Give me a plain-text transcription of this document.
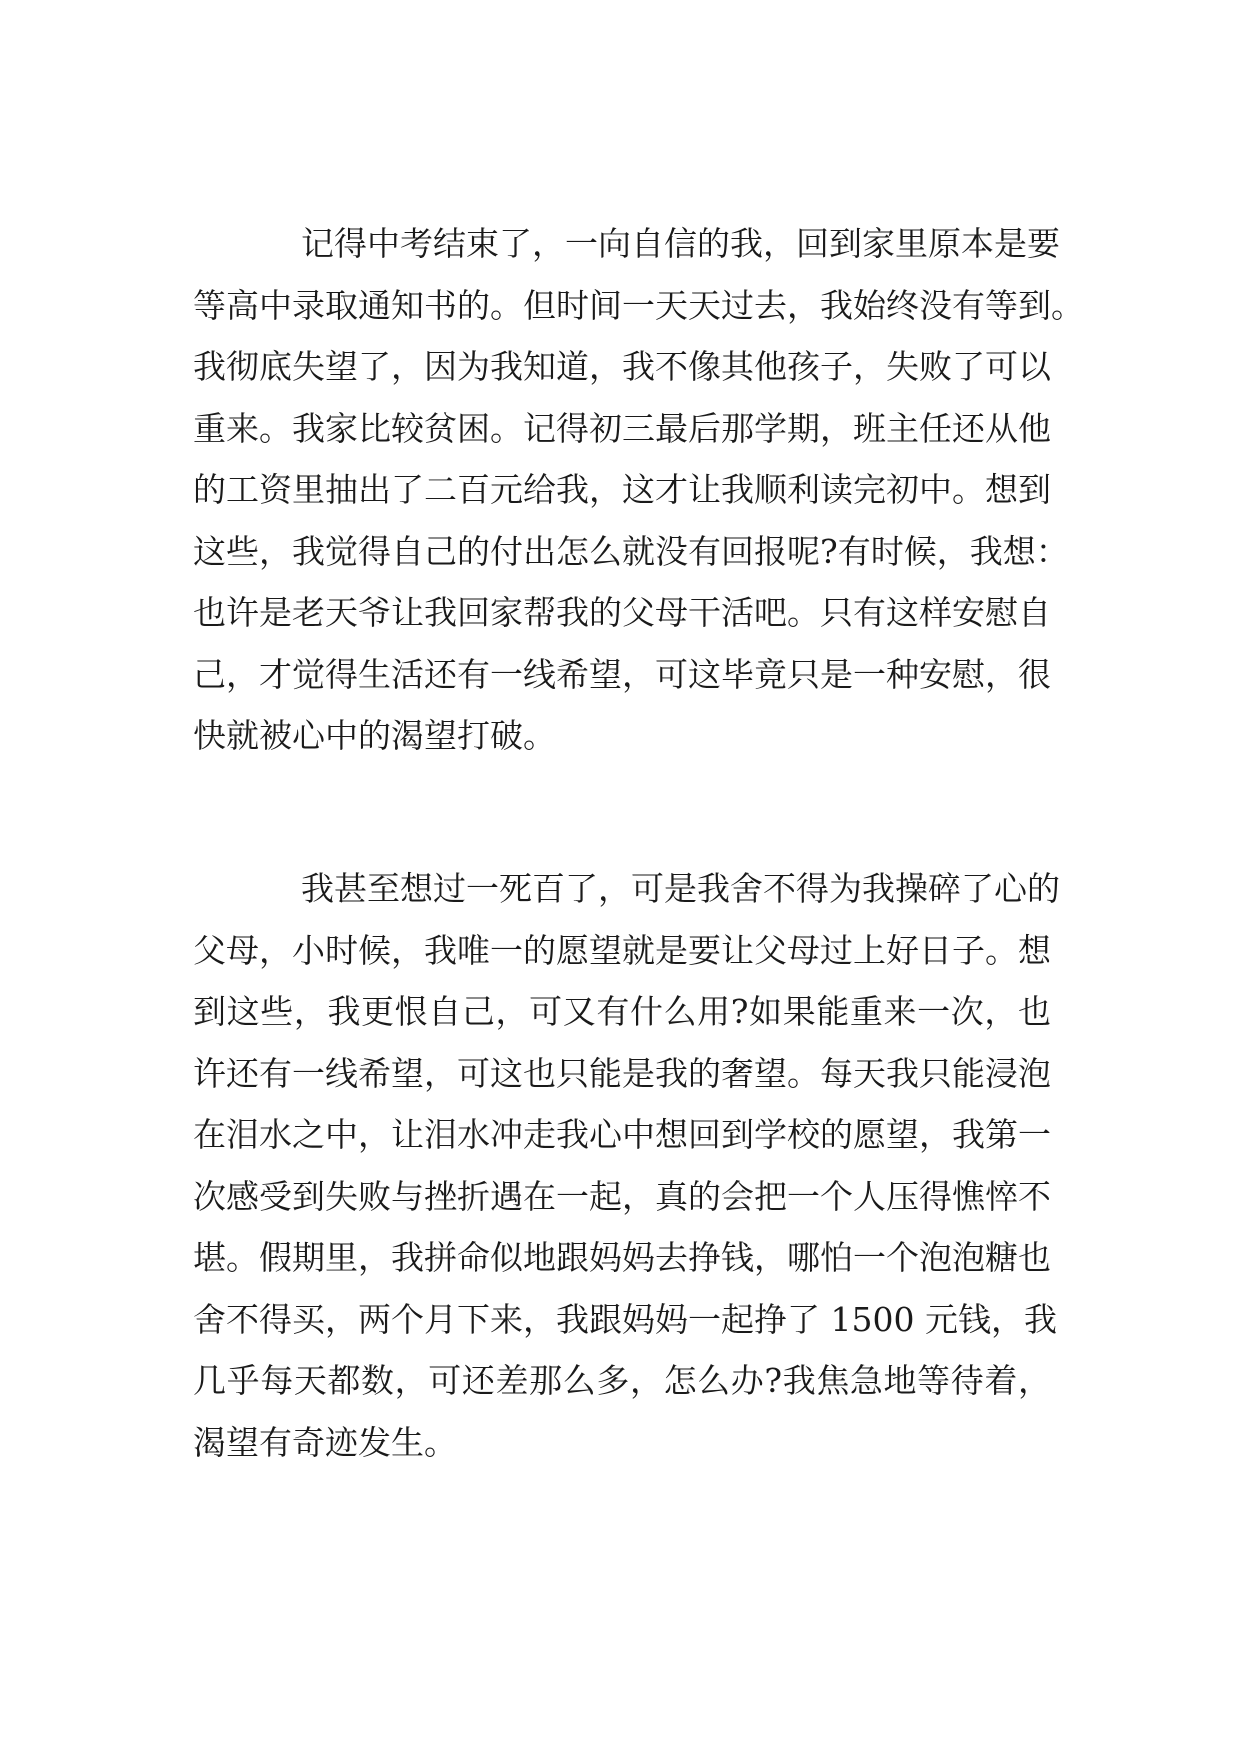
记得中考结束了，一向自信的我，回到家里原本是要
等高中录取通知书的。但时间一天天过去，我始终没有等到。
我彻底失望了，因为我知道，我不像其他孩子，失败了可以
重来。我家比较贫困。记得初三最后那学期，班主任还从他
的工资里抽出了二百元给我，这才让我顺利读完初中。想到
这些，我觉得自己的付出怎么就没有回报呢?有时候，我想：
也许是老天爷让我回家帮我的父母干活吧。只有这样安慰自
己，才觉得生活还有一线希望，可这毕竟只是一种安慰，很
快就被心中的渴望打破。
我甚至想过一死百了，可是我舍不得为我操碎了心的
父母，小时候，我唯一的愿望就是要让父母过上好日子。想
到这些，我更恨自己，可又有什么用?如果能重来一次，也
许还有一线希望，可这也只能是我的奢望。每天我只能浸泡
在泪水之中，让泪水冲走我心中想回到学校的愿望，我第一
次感受到失败与挫折遇在一起，真的会把一个人压得憔悴不
堪。假期里，我拼命似地跟妈妈去挣钱，哪怕一个泡泡糖也
舍不得买，两个月下来，我跟妈妈一起挣了 1500 元钱，我
几乎每天都数，可还差那么多，怎么办?我焦急地等待着，
渴望有奇迹发生。
